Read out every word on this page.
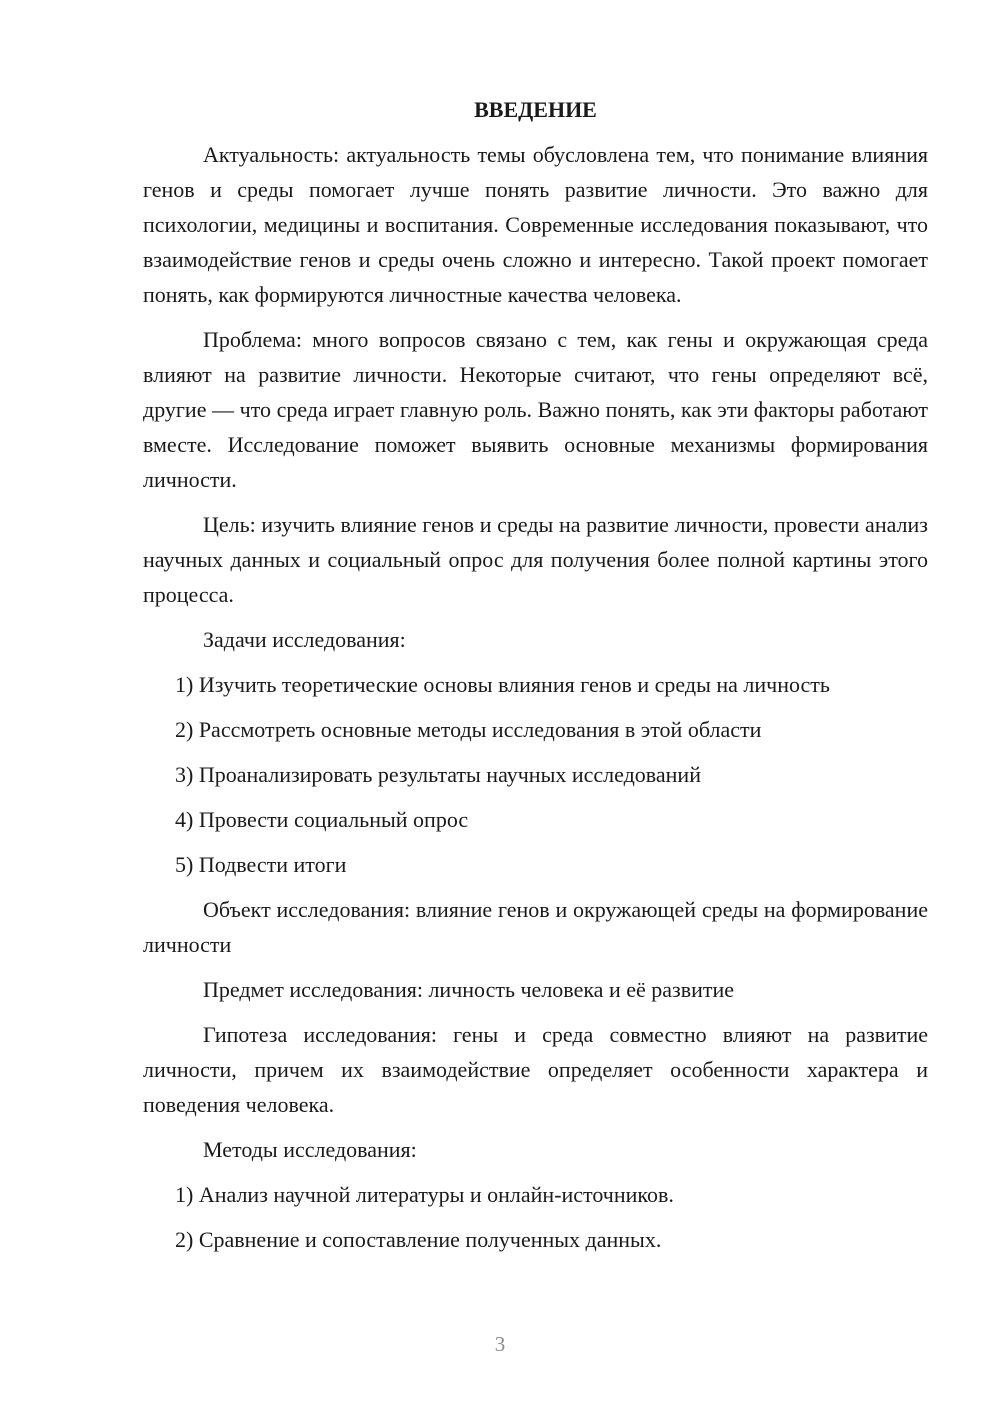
ВВЕДЕНИЕ

Актуальность: актуальность темы обусловлена тем, что понимание влияния генов и среды помогает лучше понять развитие личности. Это важно для психологии, медицины и воспитания. Современные исследования показывают, что взаимодействие генов и среды очень сложно и интересно. Такой проект помогает понять, как формируются личностные качества человека.

Проблема: много вопросов связано с тем, как гены и окружающая среда влияют на развитие личности. Некоторые считают, что гены определяют всё, другие — что среда играет главную роль. Важно понять, как эти факторы работают вместе. Исследование поможет выявить основные механизмы формирования личности.

Цель: изучить влияние генов и среды на развитие личности, провести анализ научных данных и социальный опрос для получения более полной картины этого процесса.

Задачи исследования:

1) Изучить теоретические основы влияния генов и среды на личность
2) Рассмотреть основные методы исследования в этой области
3) Проанализировать результаты научных исследований
4) Провести социальный опрос
5) Подвести итоги

Объект исследования: влияние генов и окружающей среды на формирование личности

Предмет исследования: личность человека и её развитие

Гипотеза исследования: гены и среда совместно влияют на развитие личности, причем их взаимодействие определяет особенности характера и поведения человека.

Методы исследования:

1) Анализ научной литературы и онлайн-источников.
2) Сравнение и сопоставление полученных данных.
3
